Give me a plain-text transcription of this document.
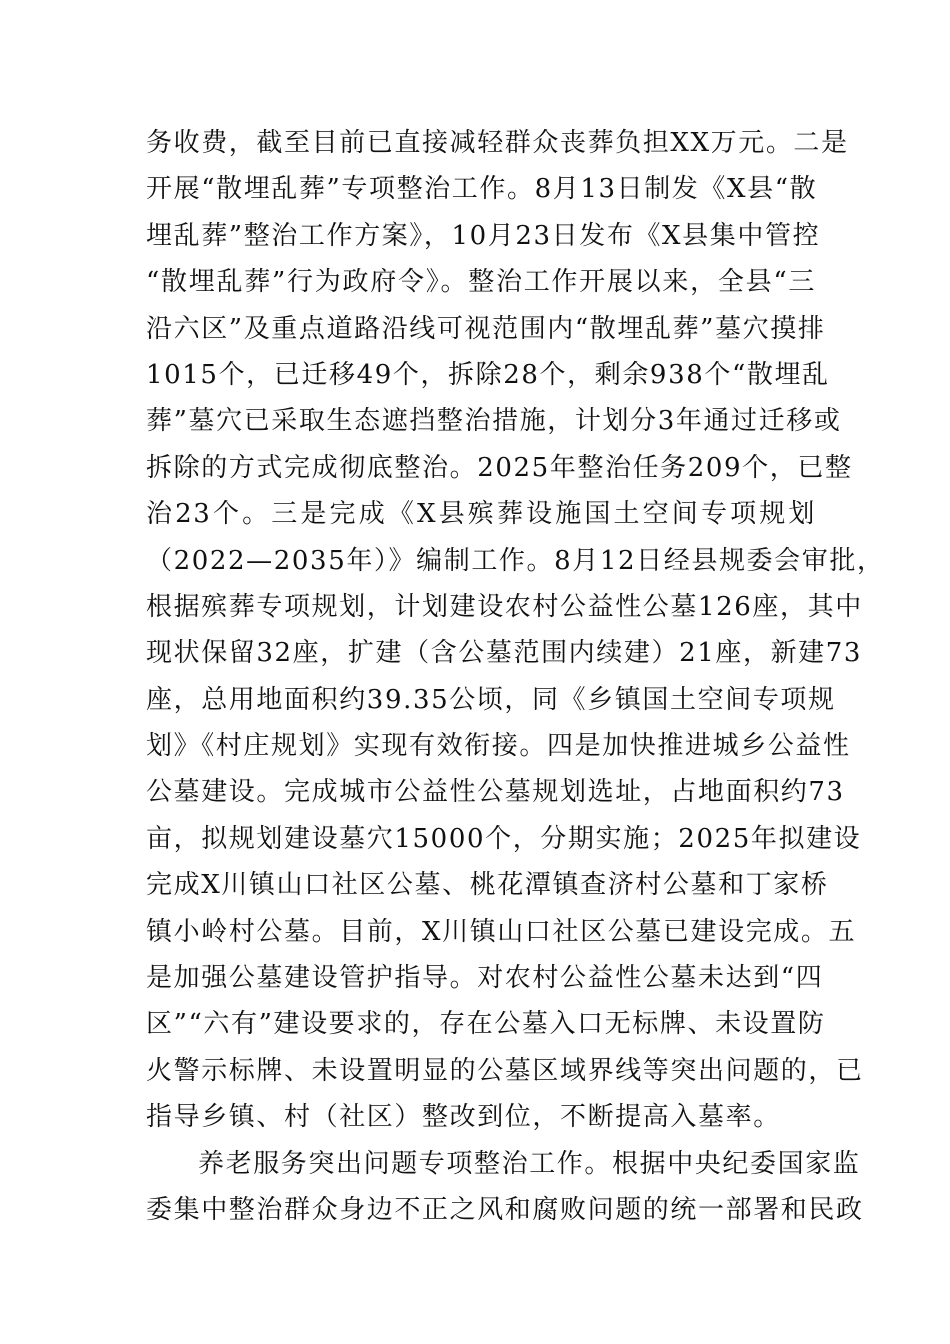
务收费，截至目前已直接减轻群众丧葬负担XX万元。二是
开展“散埋乱葬”专项整治工作。8月13日制发《X县“散
埋乱葬”整治工作方案》，10月23日发布《X县集中管控
“散埋乱葬”行为政府令》。整治工作开展以来，全县“三
沿六区”及重点道路沿线可视范围内“散埋乱葬”墓穴摸排
1015个，已迁移49个，拆除28个，剩余938个“散埋乱
葬”墓穴已采取生态遮挡整治措施，计划分3年通过迁移或
拆除的方式完成彻底整治。2025年整治任务209个，已整
治23个。三是完成《X县殡葬设施国土空间专项规划
（2022—2035年）》编制工作。8月12日经县规委会审批，
根据殡葬专项规划，计划建设农村公益性公墓126座，其中
现状保留32座，扩建（含公墓范围内续建）21座，新建73
座，总用地面积约39.35公顷，同《乡镇国土空间专项规
划》《村庄规划》实现有效衔接。四是加快推进城乡公益性
公墓建设。完成城市公益性公墓规划选址，占地面积约73
亩，拟规划建设墓穴15000个，分期实施；2025年拟建设
完成X川镇山口社区公墓、桃花潭镇查济村公墓和丁家桥
镇小岭村公墓。目前，X川镇山口社区公墓已建设完成。五
是加强公墓建设管护指导。对农村公益性公墓未达到“四
区”“六有”建设要求的，存在公墓入口无标牌、未设置防
火警示标牌、未设置明显的公墓区域界线等突出问题的，已
指导乡镇、村（社区）整改到位，不断提高入墓率。
养老服务突出问题专项整治工作。根据中央纪委国家监
委集中整治群众身边不正之风和腐败问题的统一部署和民政
